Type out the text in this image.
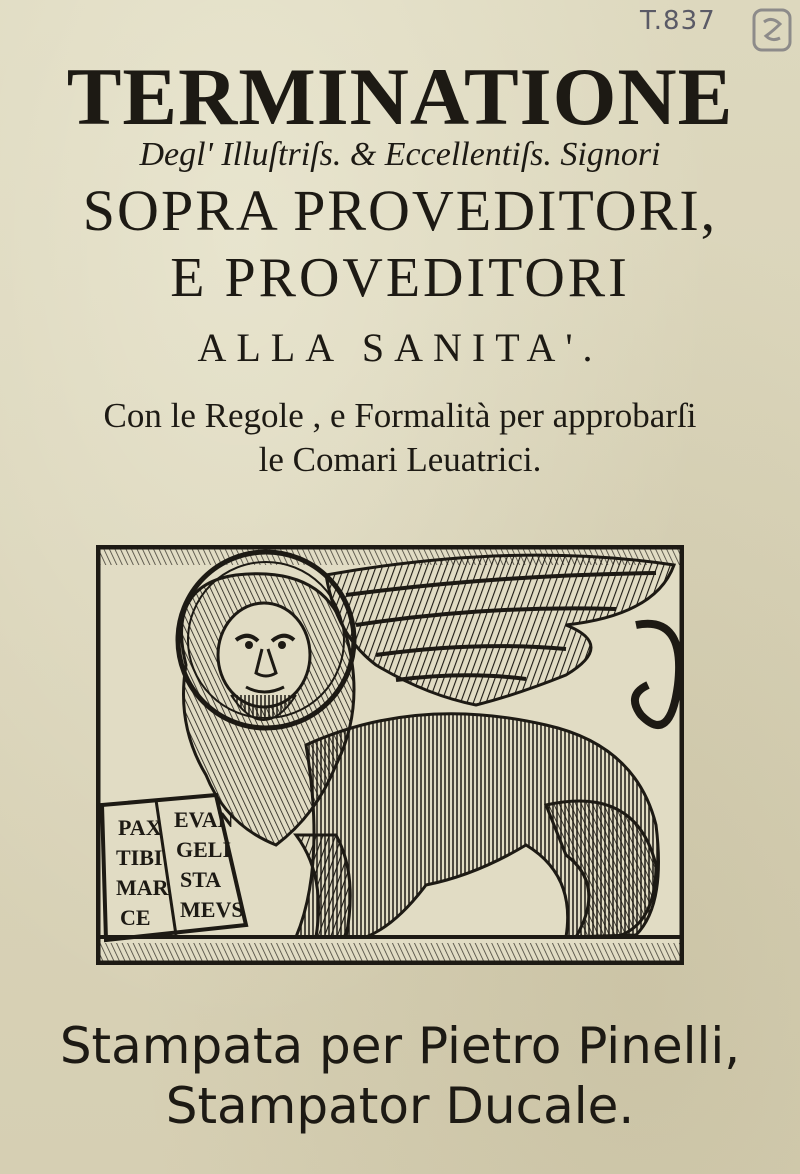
T.837
TERMINATIONE
Degl' Illuſtriſs. & Eccellentiſs. Signori
SOPRA PROVEDITORI,
E PROVEDITORI
ALLA SANITA'.
Con le Regole , e Formalità per approbarſi
le Comari Leuatrici.
PAX
TIBI
MAR
CE
EVAN
GELI
STA
MEVS
Stampata per Pietro Pinelli,
Stampator Ducale.
